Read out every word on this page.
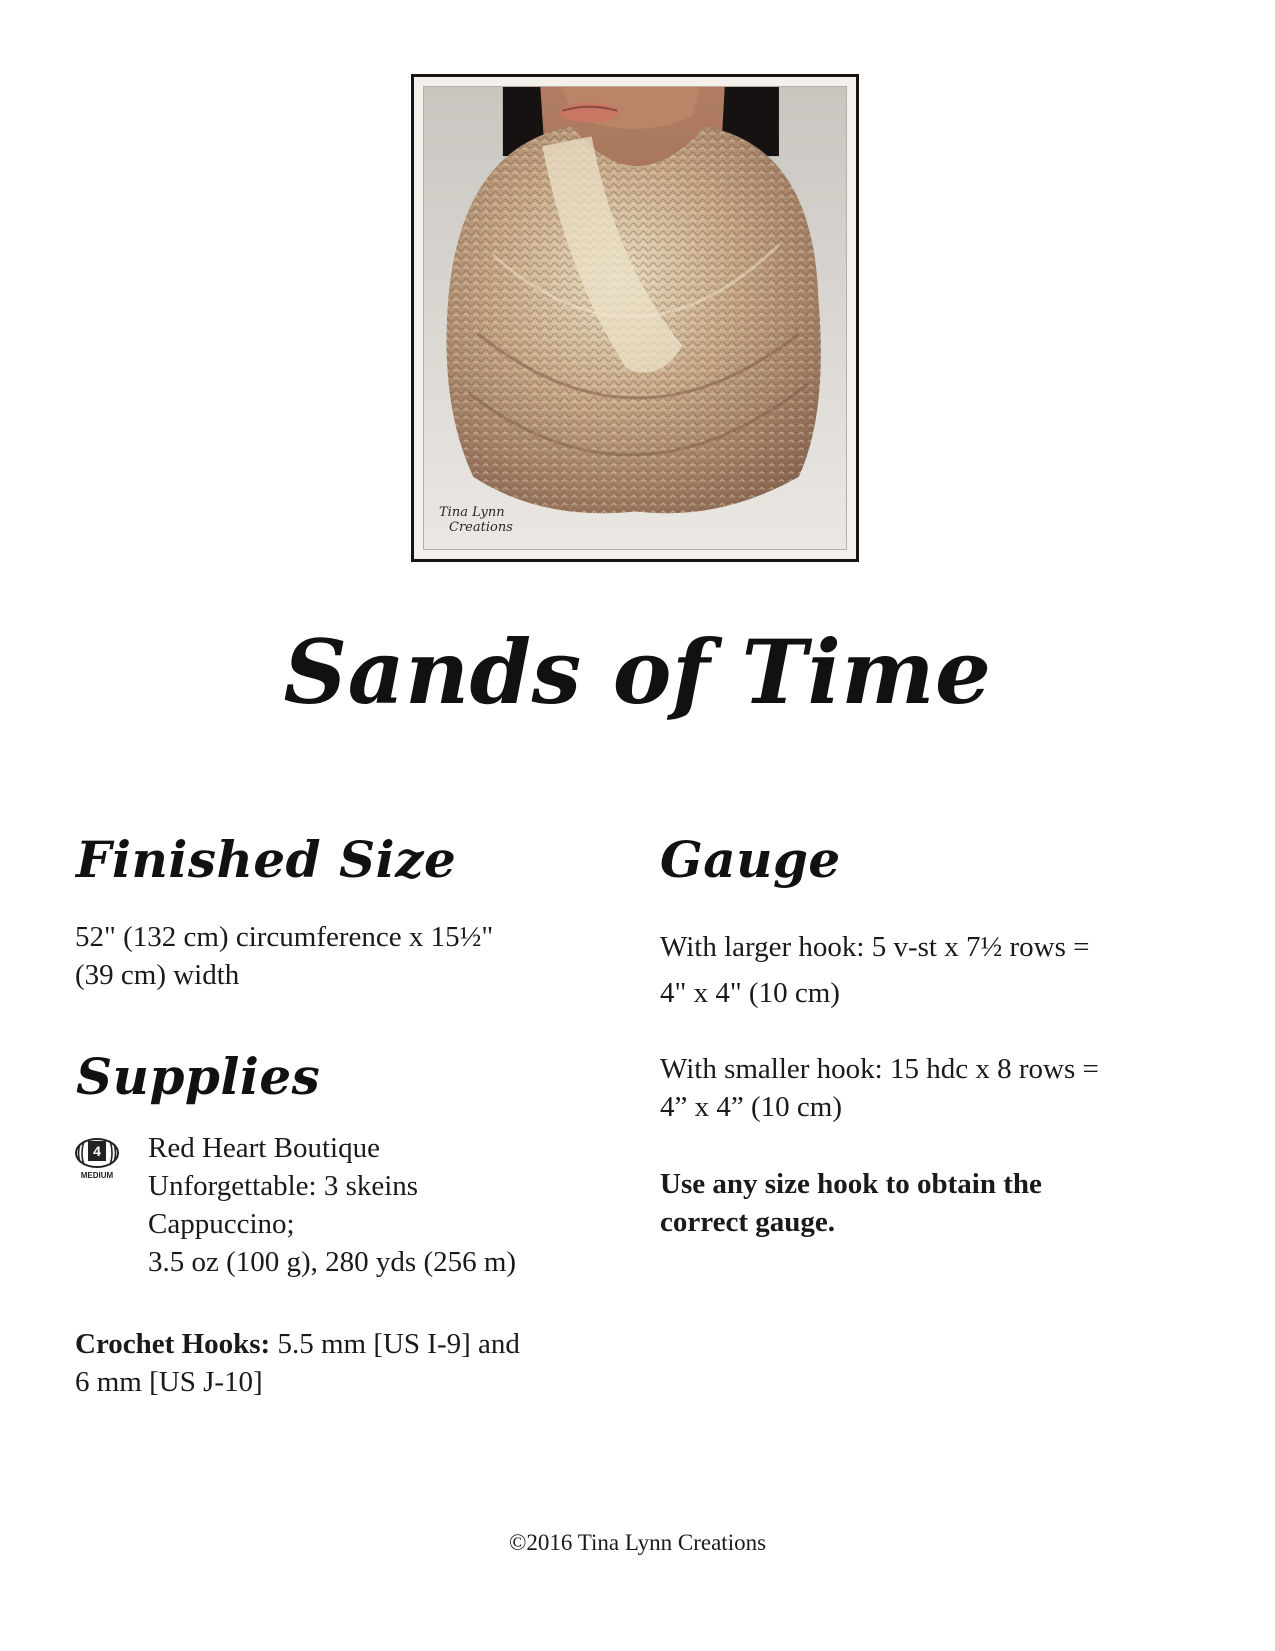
Tina Lynn
Creations
Sands of Time
Finished Size
52" (132 cm) circumference x 15½"
(39 cm) width
Supplies
4
MEDIUM
Red Heart Boutique
Unforgettable: 3 skeins
Cappuccino;
3.5 oz (100 g), 280 yds (256 m)
Crochet Hooks: 5.5 mm [US I-9] and
6 mm [US J-10]
Gauge
With larger hook: 5 v-st x 7½ rows =
4" x 4" (10 cm)
With smaller hook: 15 hdc x 8 rows =
4” x 4” (10 cm)
Use any size hook to obtain the
correct gauge.
©2016 Tina Lynn Creations
